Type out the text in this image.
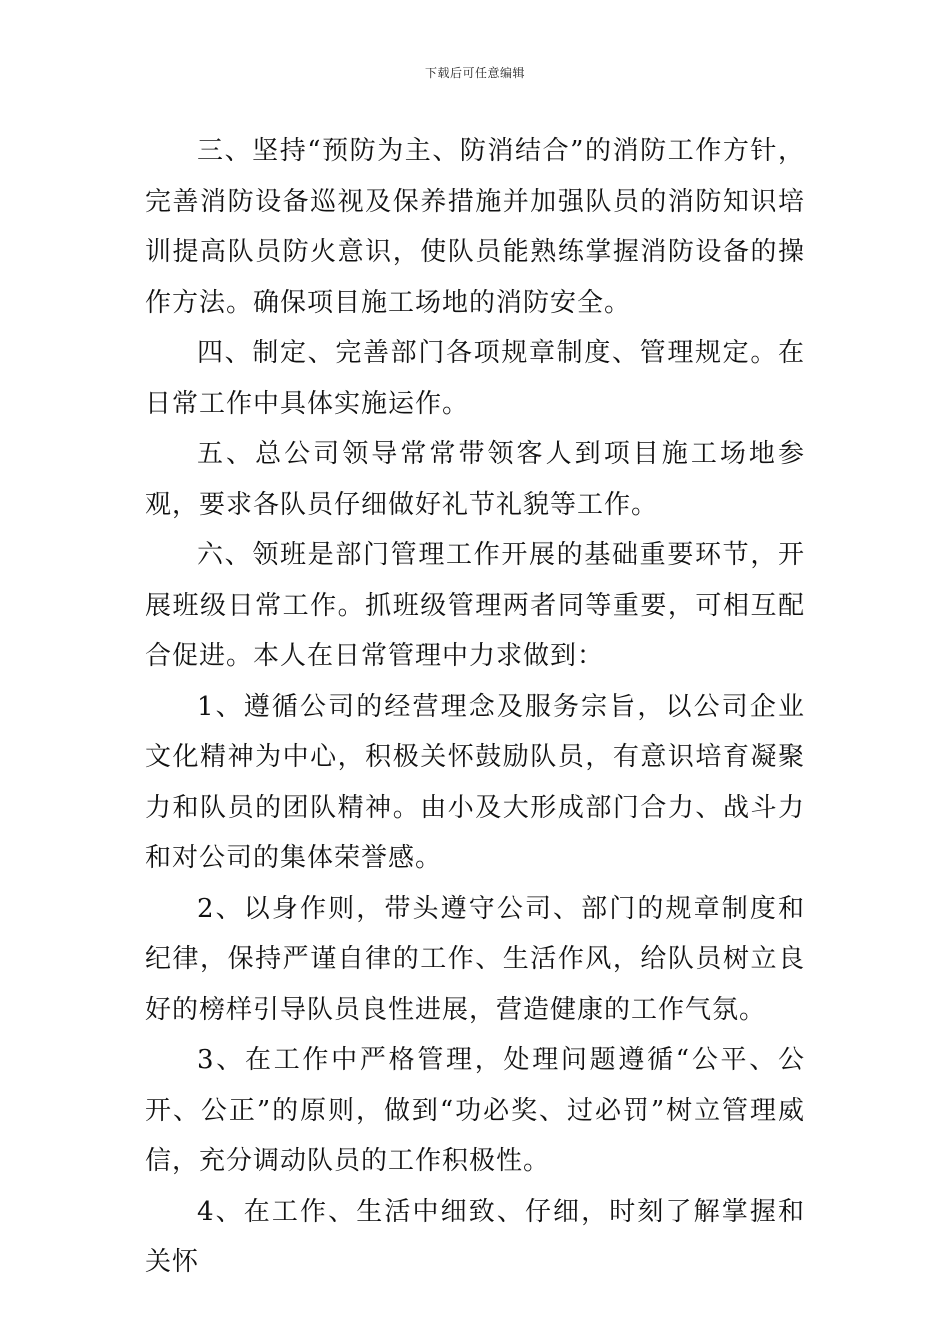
下载后可任意编辑

三、坚持“预防为主、防消结合”的消防工作方针，完善消防设备巡视及保养措施并加强队员的消防知识培训提高队员防火意识，使队员能熟练掌握消防设备的操作方法。确保项目施工场地的消防安全。

四、制定、完善部门各项规章制度、管理规定。在日常工作中具体实施运作。

五、总公司领导常常带领客人到项目施工场地参观，要求各队员仔细做好礼节礼貌等工作。

六、领班是部门管理工作开展的基础重要环节，开展班级日常工作。抓班级管理两者同等重要，可相互配合促进。本人在日常管理中力求做到：

1、遵循公司的经营理念及服务宗旨，以公司企业文化精神为中心，积极关怀鼓励队员，有意识培育凝聚力和队员的团队精神。由小及大形成部门合力、战斗力和对公司的集体荣誉感。

2、以身作则，带头遵守公司、部门的规章制度和纪律，保持严谨自律的工作、生活作风，给队员树立良好的榜样引导队员良性进展，营造健康的工作气氛。

3、在工作中严格管理，处理问题遵循“公平、公开、公正”的原则，做到“功必奖、过必罚”树立管理威信，充分调动队员的工作积极性。

4、在工作、生活中细致、仔细，时刻了解掌握和关怀
